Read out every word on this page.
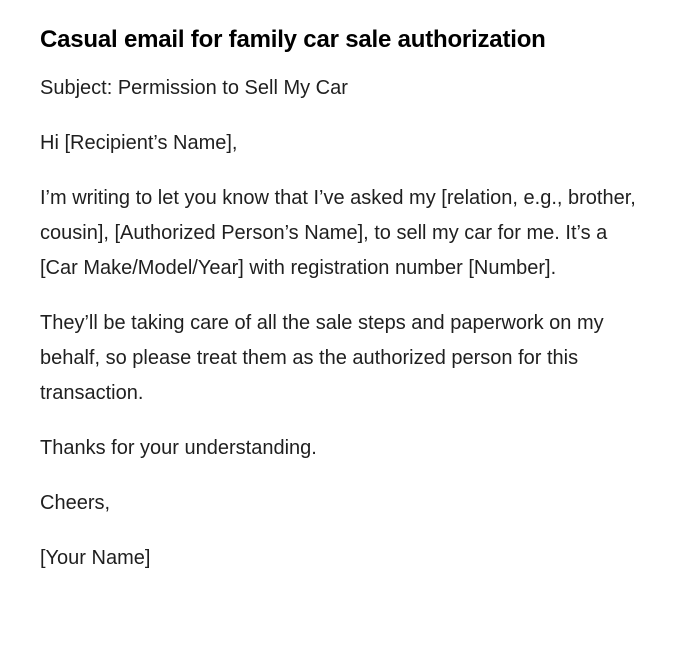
Casual email for family car sale authorization

Subject: Permission to Sell My Car

Hi [Recipient’s Name],

I’m writing to let you know that I’ve asked my [relation, e.g., brother, cousin], [Authorized Person’s Name], to sell my car for me. It’s a [Car Make/Model/Year] with registration number [Number].

They’ll be taking care of all the sale steps and paperwork on my behalf, so please treat them as the authorized person for this transaction.

Thanks for your understanding.

Cheers,

[Your Name]
